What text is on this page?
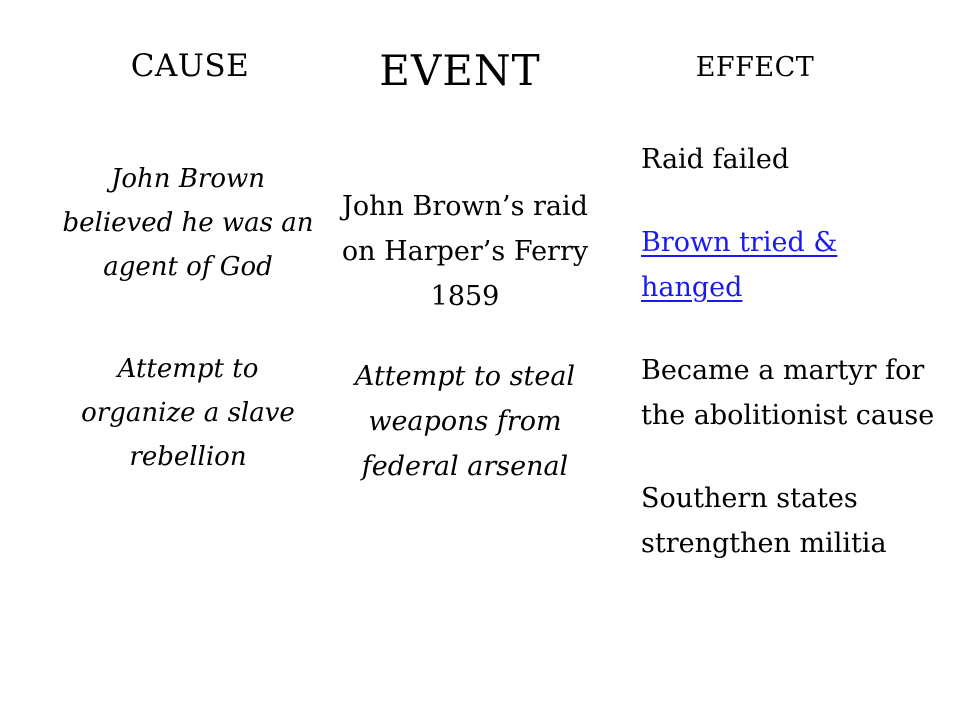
CAUSE	EVENT	EFFECT

John Brown believed he was an agent of God

Attempt to organize a slave rebellion

John Brown’s raid on Harper’s Ferry 1859

Attempt to steal weapons from federal arsenal

Raid failed

Brown tried & hanged

Became a martyr for the abolitionist cause

Southern states strengthen militia
